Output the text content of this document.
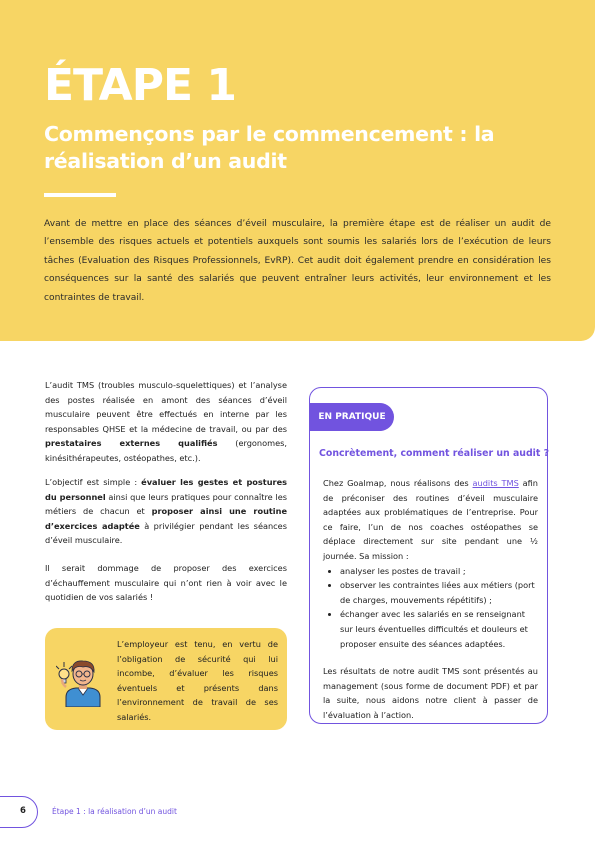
ÉTAPE 1
Commençons par le commencement : la
réalisation d’un audit
Avant de mettre en place des séances d’éveil musculaire, la première étape est de réaliser un audit de l’ensemble des risques actuels et potentiels auxquels sont soumis les salariés lors de l’exécution de leurs tâches (Evaluation des Risques Professionnels, EvRP). Cet audit doit également prendre en considération les conséquences sur la santé des salariés que peuvent entraîner leurs activités, leur environnement et les contraintes de travail.

L’audit TMS (troubles musculo-squelettiques) et l’analyse des postes réalisée en amont des séances d’éveil musculaire peuvent être effectués en interne par les responsables QHSE et la médecine de travail, ou par des prestataires externes qualifiés (ergonomes, kinésithérapeutes, ostéopathes, etc.).

L’objectif est simple : évaluer les gestes et postures du personnel ainsi que leurs pratiques pour connaître les métiers de chacun et proposer ainsi une routine d’exercices adaptée à privilégier pendant les séances d’éveil musculaire.

Il serait dommage de proposer des exercices d’échauffement musculaire qui n’ont rien à voir avec le quotidien de vos salariés !

L’employeur est tenu, en vertu de l’obligation de sécurité qui lui incombe, d’évaluer les risques éventuels et présents dans l’environnement de travail de ses salariés.
EN PRATIQUE
Concrètement, comment réaliser un audit ?

Chez Goalmap, nous réalisons des audits TMS afin de préconiser des routines d’éveil musculaire adaptées aux problématiques de l’entreprise. Pour ce faire, l’un de nos coaches ostéopathes se déplace directement sur site pendant une ½ journée. Sa mission :

• analyser les postes de travail ;
• observer les contraintes liées aux métiers (port de charges, mouvements répétitifs) ;
• échanger avec les salariés en se renseignant sur leurs éventuelles difficultés et douleurs et proposer ensuite des séances adaptées.

Les résultats de notre audit TMS sont présentés au management (sous forme de document PDF) et par la suite, nous aidons notre client à passer de l’évaluation à l’action.

6	Étape 1 : la réalisation d’un audit
